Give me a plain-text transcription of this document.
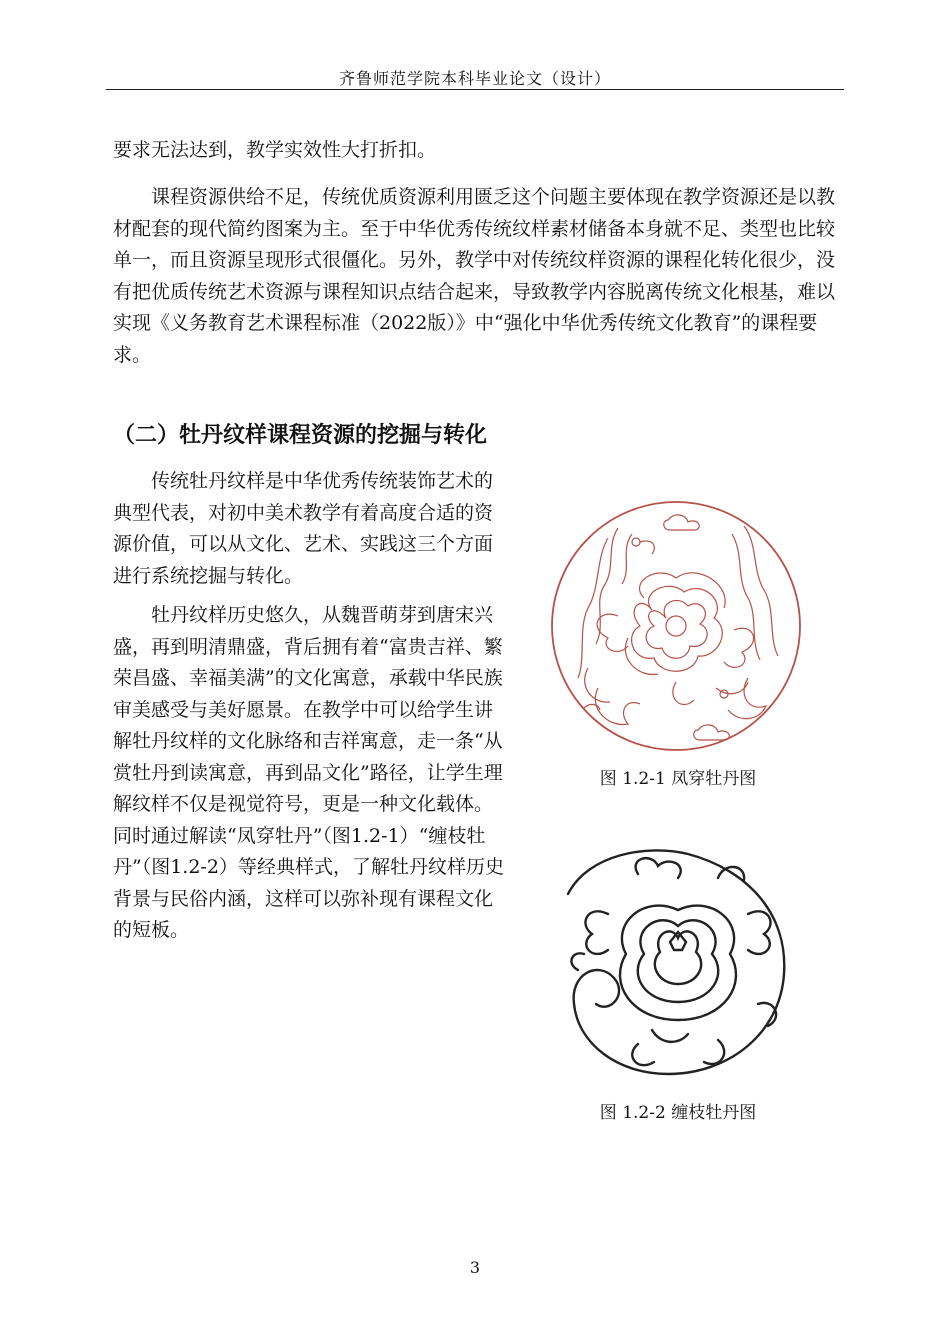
齐鲁师范学院本科毕业论文（设计）

要求无法达到，教学实效性大打折扣。

　　课程资源供给不足，传统优质资源利用匮乏这个问题主要体现在教学资源还是以教材配套的现代简约图案为主。至于中华优秀传统纹样素材储备本身就不足、类型也比较单一，而且资源呈现形式很僵化。另外，教学中对传统纹样资源的课程化转化很少，没有把优质传统艺术资源与课程知识点结合起来，导致教学内容脱离传统文化根基，难以实现《义务教育艺术课程标准（2022版）》中“强化中华优秀传统文化教育”的课程要求。

（二）牡丹纹样课程资源的挖掘与转化

传统牡丹纹样是中华优秀传统装饰艺术的典型代表，对初中美术教学有着高度合适的资源价值，可以从文化、艺术、实践这三个方面进行系统挖掘与转化。

牡丹纹样历史悠久，从魏晋萌芽到唐宋兴盛，再到明清鼎盛，背后拥有着“富贵吉祥、繁荣昌盛、幸福美满”的文化寓意，承载中华民族审美感受与美好愿景。在教学中可以给学生讲解牡丹纹样的文化脉络和吉祥寓意，走一条“从赏牡丹到读寓意，再到品文化”路径，让学生理解纹样不仅是视觉符号，更是一种文化载体。同时通过解读“凤穿牡丹”（图1.2-1）“缠枝牡丹”（图1.2-2）等经典样式，了解牡丹纹样历史背景与民俗内涵，这样可以弥补现有课程文化的短板。

图 1.2-1 凤穿牡丹图
图 1.2-2 缠枝牡丹图
3
